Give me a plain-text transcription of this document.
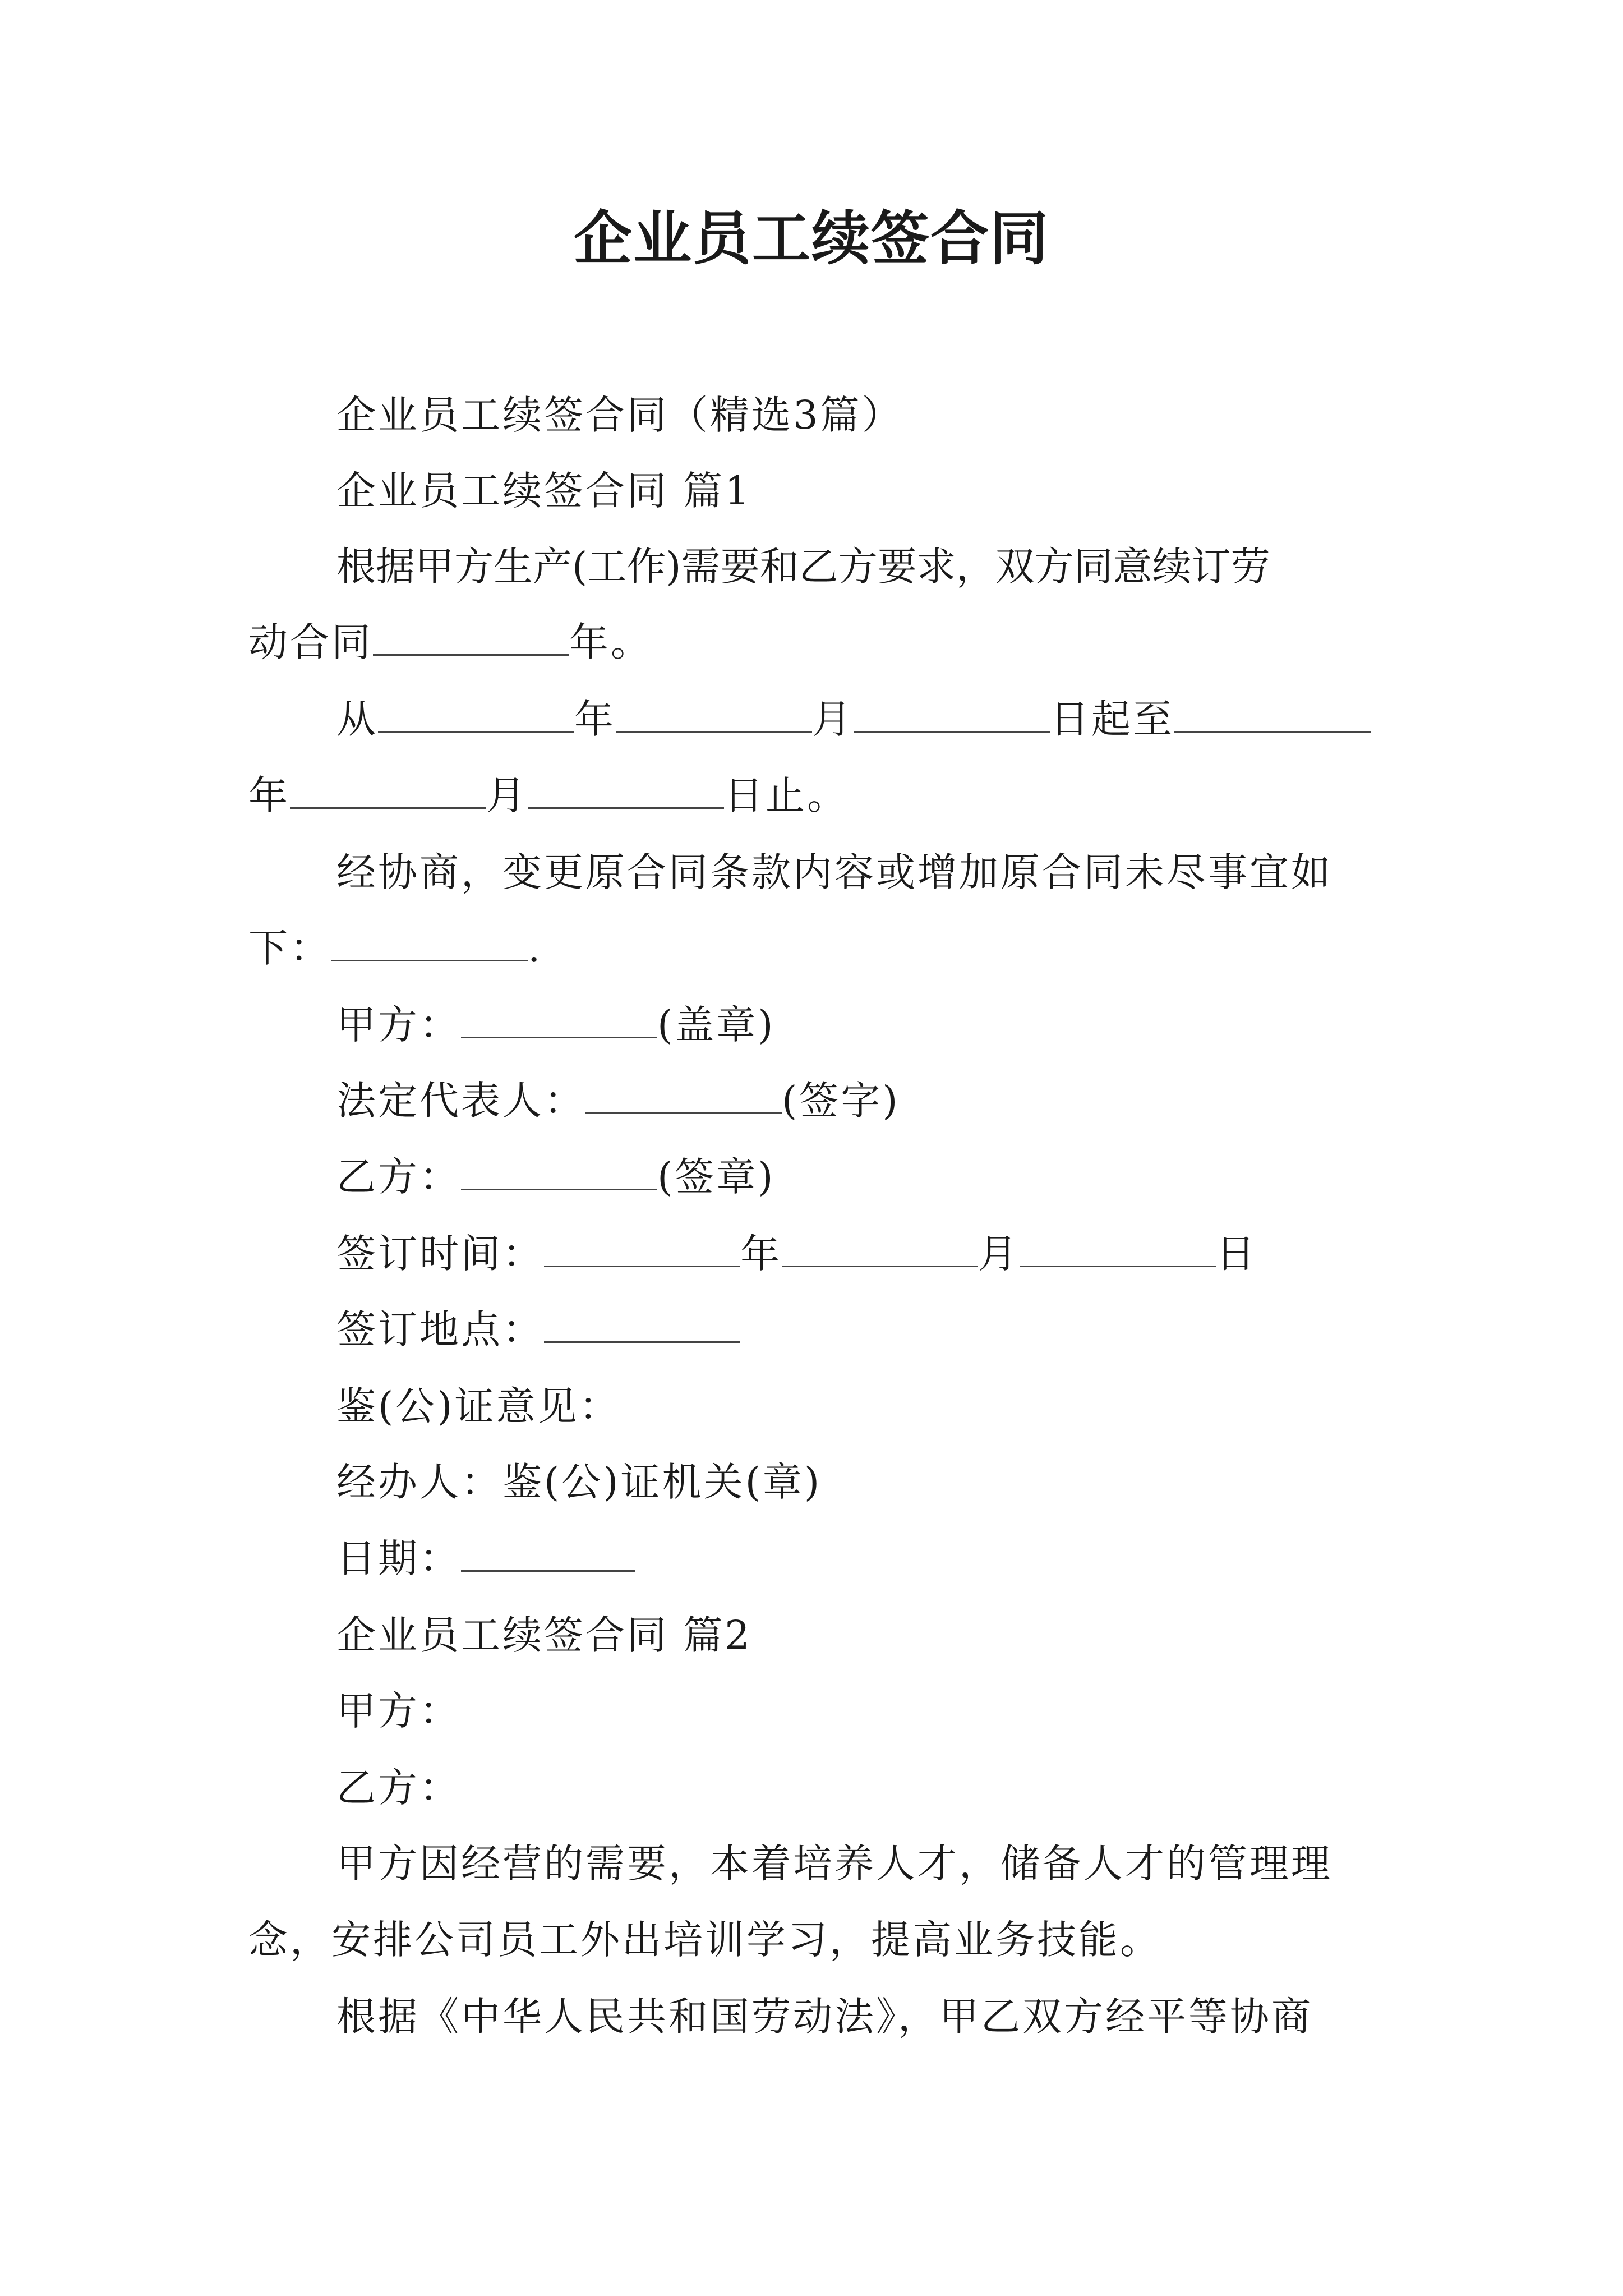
企业员工续签合同
企业员工续签合同（精选3篇）
企业员工续签合同 篇1
根据甲方生产(工作)需要和乙方要求，双方同意续订劳
动合同	年。
从	年	月	日起至
年	月	日止。
经协商，变更原合同条款内容或增加原合同未尽事宜如
下：	.
甲方：	(盖章)
法定代表人：	(签字)
乙方：	(签章)
签订时间：	年	月	日
签订地点：
鉴(公)证意见：
经办人：鉴(公)证机关(章)
日期：
企业员工续签合同 篇2
甲方：
乙方：
甲方因经营的需要，本着培养人才，储备人才的管理理
念，安排公司员工外出培训学习，提高业务技能。
根据《中华人民共和国劳动法》，甲乙双方经平等协商
